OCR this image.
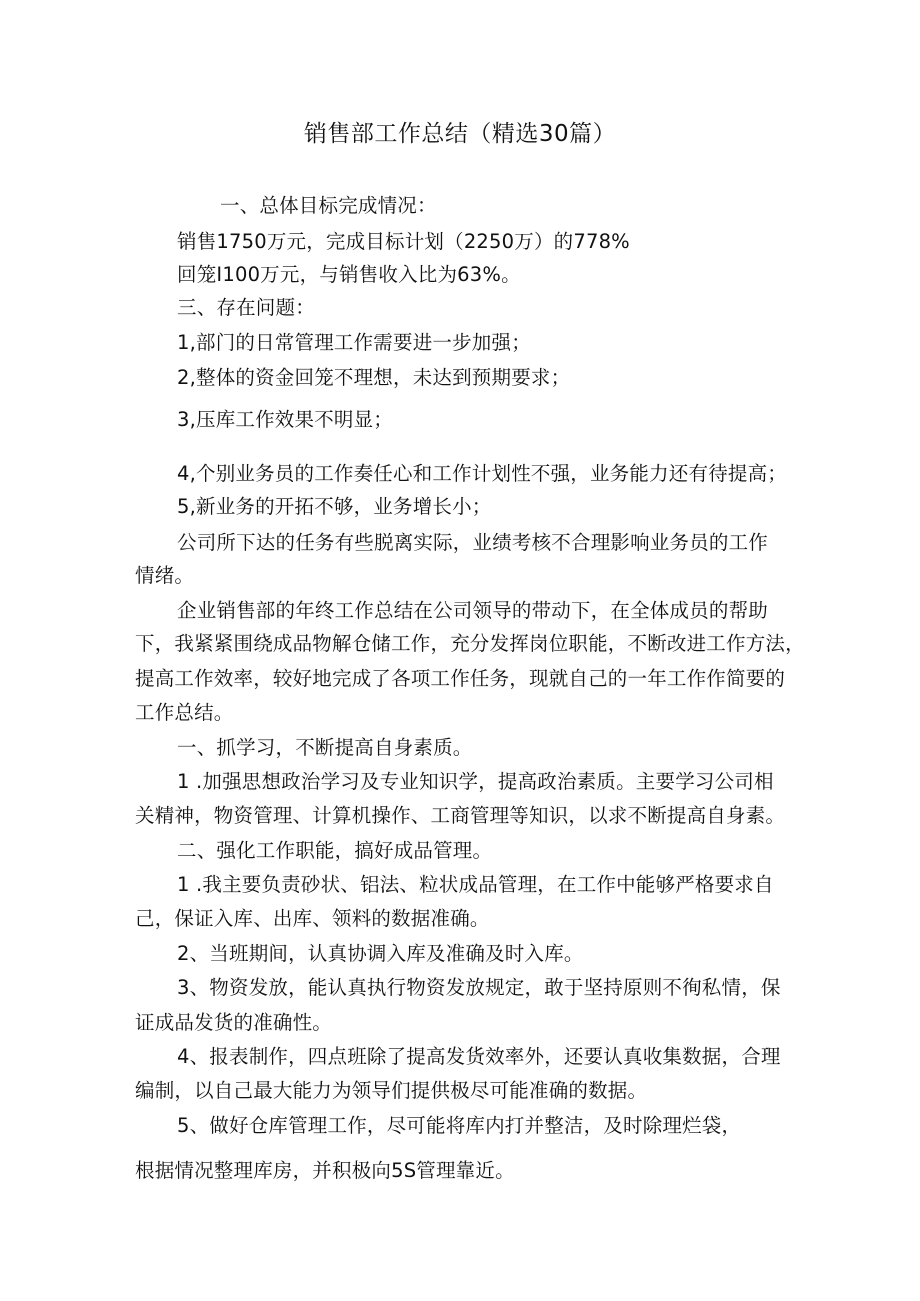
销售部工作总结（精选30篇）
一、总体目标完成情况：
销售1750万元，完成目标计划（2250万）的778%
回笼I100万元，与销售收入比为63%。
三、存在问题：
1,部门的日常管理工作需要进一步加强；
2,整体的资金回笼不理想，未达到预期要求；
3,压库工作效果不明显；
4,个别业务员的工作奏任心和工作计划性不强，业务能力还有待提高；
5,新业务的开拓不够，业务增长小；
公司所下达的任务有些脱离实际，业绩考核不合理影响业务员的工作
情绪。
企业销售部的年终工作总结在公司领导的带动下，在全体成员的帮助
下，我紧紧围绕成品物解仓储工作，充分发挥岗位职能，不断改进工作方法，
提高工作效率，较好地完成了各项工作任务，现就自己的一年工作作简要的
工作总结。
一、抓学习，不断提高自身素质。
1 .加强思想政治学习及专业知识学，提高政治素质。主要学习公司相
关精神，物资管理、计算机操作、工商管理等知识，以求不断提高自身素。
二、强化工作职能，搞好成品管理。
1 .我主要负责砂状、铝法、粒状成品管理，在工作中能够严格要求自
己，保证入库、出库、领料的数据准确。
2、当班期间，认真协调入库及准确及时入库。
3、物资发放，能认真执行物资发放规定，敢于坚持原则不徇私情，保
证成品发货的准确性。
4、报表制作，四点班除了提高发货效率外，还要认真收集数据，合理
编制，以自己最大能力为领导们提供极尽可能准确的数据。
5、做好仓库管理工作，尽可能将库内打并整洁，及时除理烂袋，
根据情况整理库房，并积极向5S管理靠近。
